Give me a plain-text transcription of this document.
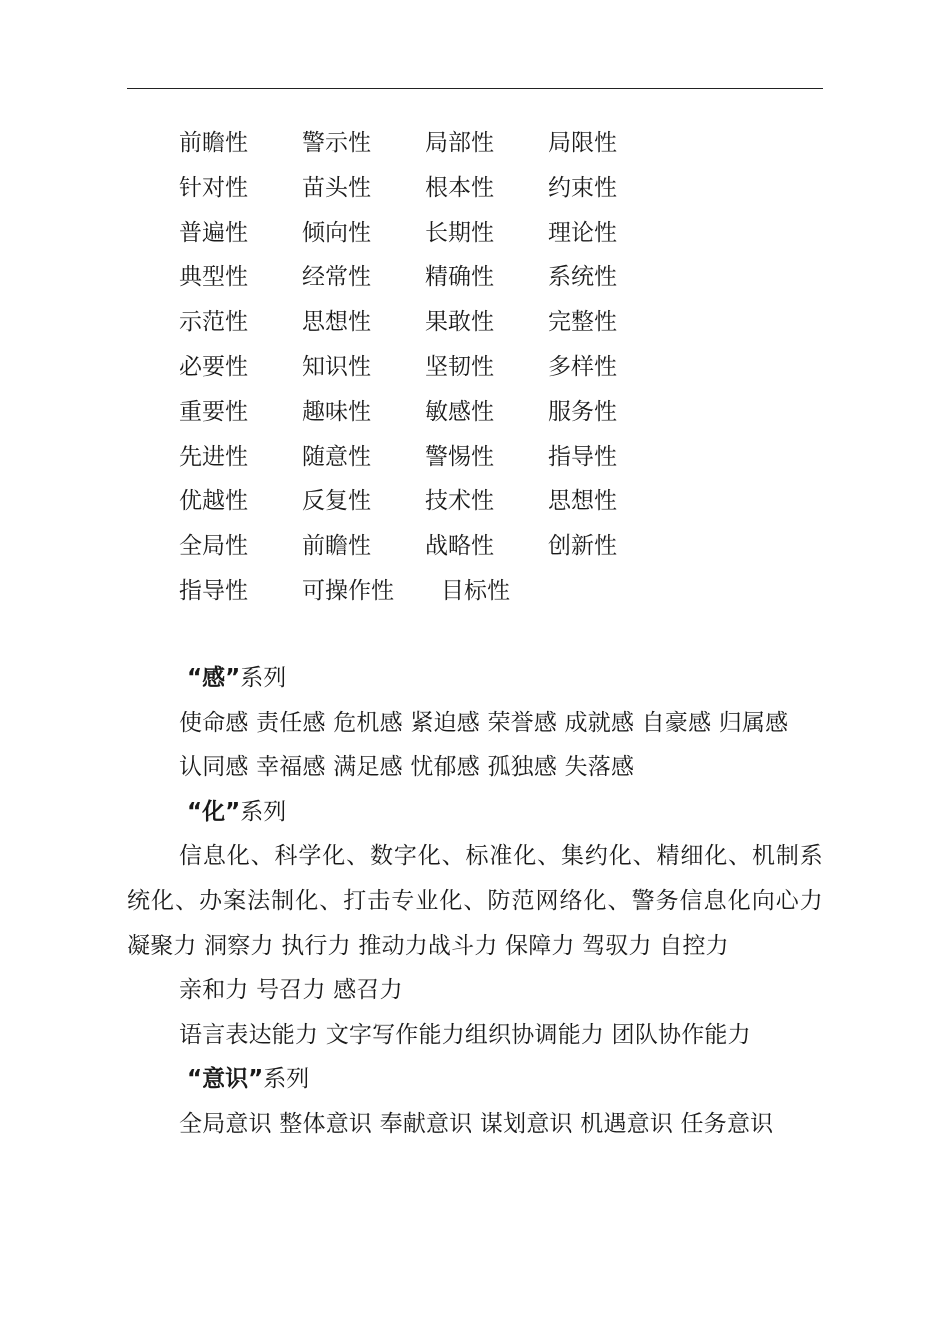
前瞻性 警示性 局部性 局限性
针对性 苗头性 根本性 约束性
普遍性 倾向性 长期性 理论性
典型性 经常性 精确性 系统性
示范性 思想性 果敢性 完整性
必要性 知识性 坚韧性 多样性
重要性 趣味性 敏感性 服务性
先进性 随意性 警惕性 指导性
优越性 反复性 技术性 思想性
全局性 前瞻性 战略性 创新性
指导性 可操作性 目标性

“感”系列

使命感 责任感 危机感 紧迫感 荣誉感 成就感 自豪感 归属感

认同感 幸福感 满足感 忧郁感 孤独感 失落感

“化”系列

信息化、科学化、数字化、标准化、集约化、精细化、机制系统化、办案法制化、打击专业化、防范网络化、警务信息化向心力 凝聚力 洞察力 执行力 推动力战斗力 保障力 驾驭力 自控力

亲和力 号召力 感召力

语言表达能力 文字写作能力组织协调能力 团队协作能力

“意识”系列

全局意识 整体意识 奉献意识 谋划意识 机遇意识 任务意识
